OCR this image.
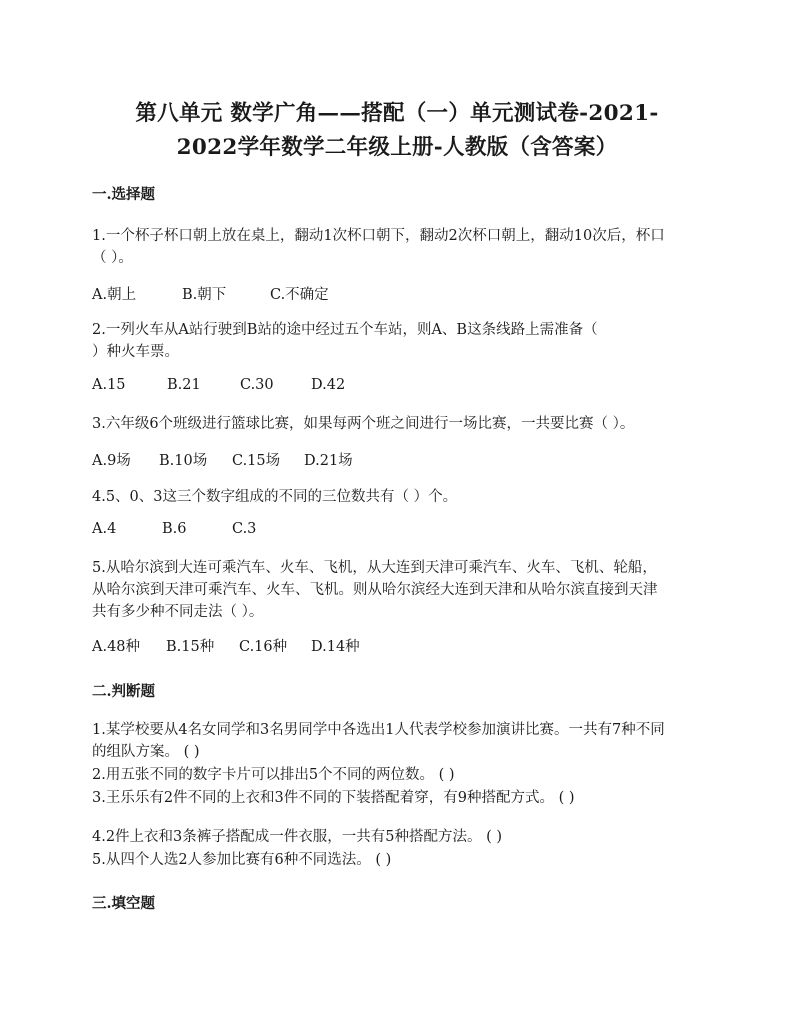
第八单元 数学广角——搭配（一）单元测试卷-2021-
2022学年数学二年级上册-人教版（含答案）
一.选择题
1.一个杯子杯口朝上放在桌上，翻动1次杯口朝下，翻动2次杯口朝上，翻动10次后，杯口
（ ）。
A.朝上	B.朝下	C.不确定
2.一列火车从A站行驶到B站的途中经过五个车站，则A、B这条线路上需准备（
）种火车票。
A.15	B.21	C.30	D.42
3.六年级6个班级进行篮球比赛，如果每两个班之间进行一场比赛，一共要比赛（ ）。
A.9场 B.10场 C.15场 D.21场
4.5、0、3这三个数字组成的不同的三位数共有（ ）个。
A.4	B.6	C.3
5.从哈尔滨到大连可乘汽车、火车、飞机，从大连到天津可乘汽车、火车、飞机、轮船，
从哈尔滨到天津可乘汽车、火车、飞机。则从哈尔滨经大连到天津和从哈尔滨直接到天津
共有多少种不同走法（ ）。
A.48种 B.15种 C.16种 D.14种
二.判断题
1.某学校要从4名女同学和3名男同学中各选出1人代表学校参加演讲比赛。一共有7种不同
的组队方案。 ( )
2.用五张不同的数字卡片可以排出5个不同的两位数。 ( )
3.王乐乐有2件不同的上衣和3件不同的下装搭配着穿，有9种搭配方式。 ( )
4.2件上衣和3条裤子搭配成一件衣服，一共有5种搭配方法。 ( )
5.从四个人选2人参加比赛有6种不同选法。 ( )
三.填空题
